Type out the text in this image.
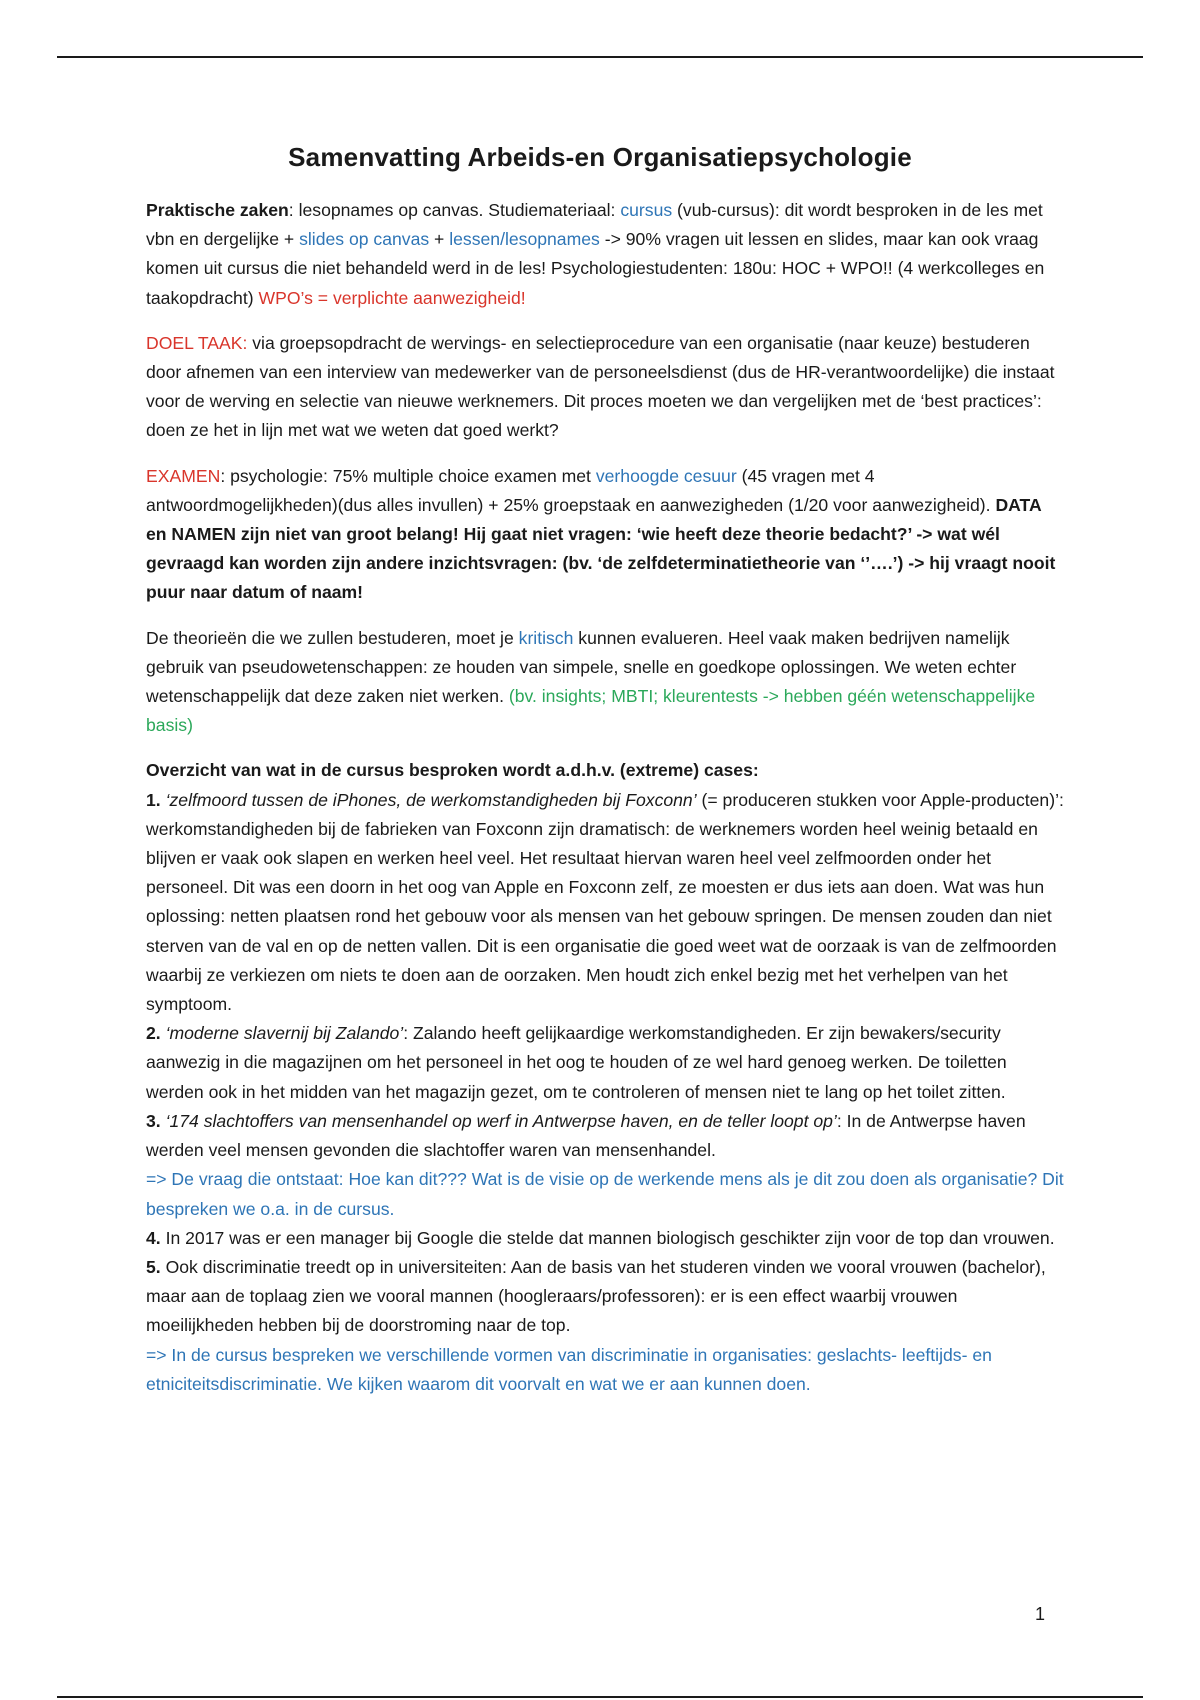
Samenvatting Arbeids-en Organisatiepsychologie

Praktische zaken: lesopnames op canvas. Studiemateriaal: cursus (vub-cursus): dit wordt besproken in de les met vbn en dergelijke + slides op canvas + lessen/lesopnames -> 90% vragen uit lessen en slides, maar kan ook vraag komen uit cursus die niet behandeld werd in de les! Psychologiestudenten: 180u: HOC + WPO!! (4 werkcolleges en taakopdracht) WPO’s = verplichte aanwezigheid!

DOEL TAAK: via groepsopdracht de wervings- en selectieprocedure van een organisatie (naar keuze) bestuderen door afnemen van een interview van medewerker van de personeelsdienst (dus de HR-verantwoordelijke) die instaat voor de werving en selectie van nieuwe werknemers. Dit proces moeten we dan vergelijken met de ‘best practices’: doen ze het in lijn met wat we weten dat goed werkt?

EXAMEN: psychologie: 75% multiple choice examen met verhoogde cesuur (45 vragen met 4 antwoordmogelijkheden)(dus alles invullen) + 25% groepstaak en aanwezigheden (1/20 voor aanwezigheid). DATA en NAMEN zijn niet van groot belang! Hij gaat niet vragen: ‘wie heeft deze theorie bedacht?’ -> wat wél gevraagd kan worden zijn andere inzichtsvragen: (bv. ‘de zelfdeterminatietheorie van ‘’….’) -> hij vraagt nooit puur naar datum of naam!

De theorieën die we zullen bestuderen, moet je kritisch kunnen evalueren. Heel vaak maken bedrijven namelijk gebruik van pseudowetenschappen: ze houden van simpele, snelle en goedkope oplossingen. We weten echter wetenschappelijk dat deze zaken niet werken. (bv. insights; MBTI; kleurentests -> hebben géén wetenschappelijke basis)

Overzicht van wat in de cursus besproken wordt a.d.h.v. (extreme) cases:

1. ‘zelfmoord tussen de iPhones, de werkomstandigheden bij Foxconn’ (= produceren stukken voor Apple-producten)’: werkomstandigheden bij de fabrieken van Foxconn zijn dramatisch: de werknemers worden heel weinig betaald en blijven er vaak ook slapen en werken heel veel. Het resultaat hiervan waren heel veel zelfmoorden onder het personeel. Dit was een doorn in het oog van Apple en Foxconn zelf, ze moesten er dus iets aan doen. Wat was hun oplossing: netten plaatsen rond het gebouw voor als mensen van het gebouw springen. De mensen zouden dan niet sterven van de val en op de netten vallen. Dit is een organisatie die goed weet wat de oorzaak is van de zelfmoorden waarbij ze verkiezen om niets te doen aan de oorzaken. Men houdt zich enkel bezig met het verhelpen van het symptoom.

2. ‘moderne slavernij bij Zalando’: Zalando heeft gelijkaardige werkomstandigheden. Er zijn bewakers/security aanwezig in die magazijnen om het personeel in het oog te houden of ze wel hard genoeg werken. De toiletten werden ook in het midden van het magazijn gezet, om te controleren of mensen niet te lang op het toilet zitten.

3. ‘174 slachtoffers van mensenhandel op werf in Antwerpse haven, en de teller loopt op’: In de Antwerpse haven werden veel mensen gevonden die slachtoffer waren van mensenhandel.

=> De vraag die ontstaat: Hoe kan dit??? Wat is de visie op de werkende mens als je dit zou doen als organisatie? Dit bespreken we o.a. in de cursus.

4. In 2017 was er een manager bij Google die stelde dat mannen biologisch geschikter zijn voor de top dan vrouwen.

5. Ook discriminatie treedt op in universiteiten: Aan de basis van het studeren vinden we vooral vrouwen (bachelor), maar aan de toplaag zien we vooral mannen (hoogleraars/professoren): er is een effect waarbij vrouwen moeilijkheden hebben bij de doorstroming naar de top.

=> In de cursus bespreken we verschillende vormen van discriminatie in organisaties: geslachts- leeftijds- en etniciteitsdiscriminatie. We kijken waarom dit voorvalt en wat we er aan kunnen doen.

1
